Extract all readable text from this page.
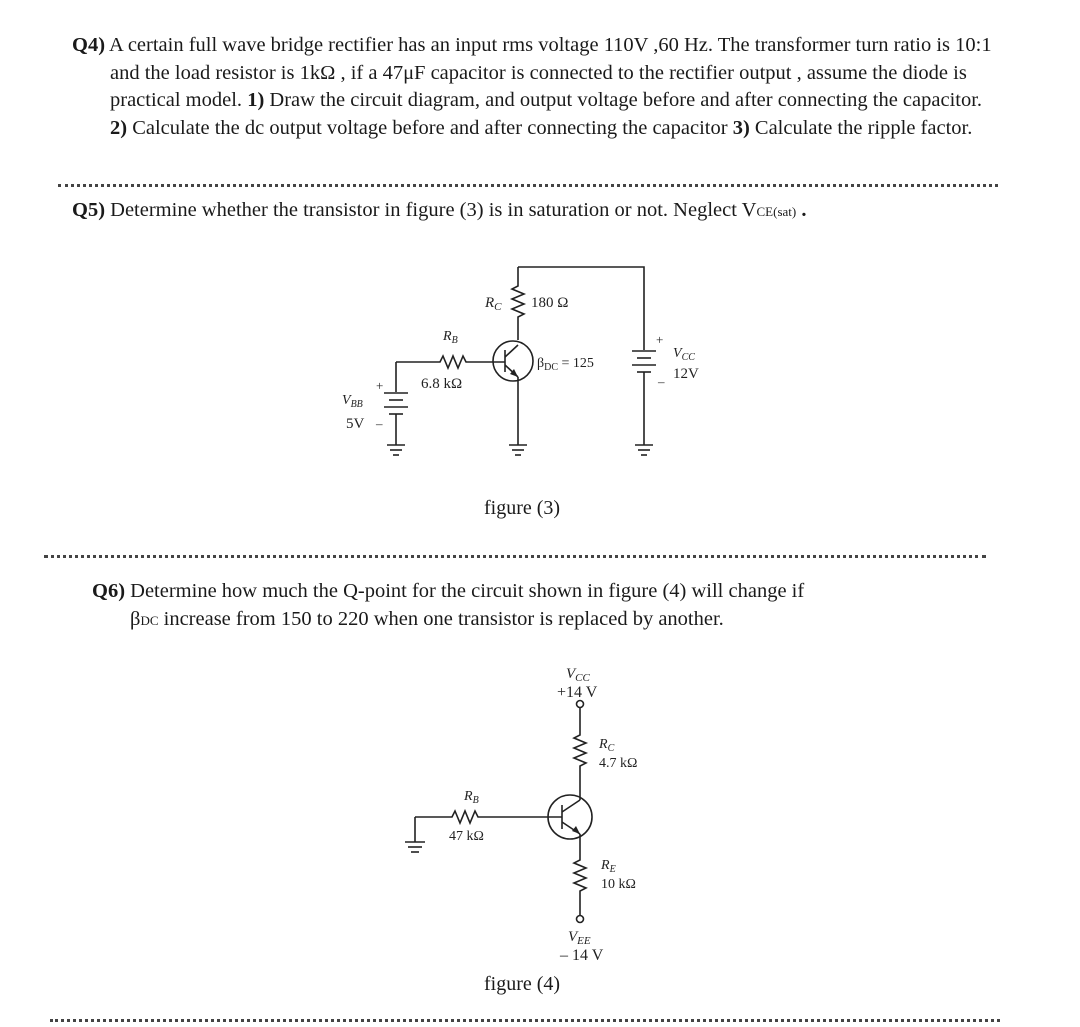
Q4) A certain full wave bridge rectifier has an input rms voltage 110V ,60 Hz. The transformer turn ratio is 10:1 and the load resistor is 1kΩ , if a 47μF capacitor is connected to the rectifier output , assume the diode is practical model. 1) Draw the circuit diagram, and output voltage before and after connecting the capacitor. 2) Calculate the dc output voltage before and after connecting the capacitor 3) Calculate the ripple factor.
Q5) Determine whether the transistor in figure (3) is in saturation or not. Neglect VCE(sat) .
$R_C$ 180 Ω
$R_B$
6.8 kΩ
$\beta_{DC} = 125$
$V_{BB}$
5V
+
–
$V_{CC}$
12V
+
–
figure (3)
Q6) Determine how much the Q-point for the circuit shown in figure (4) will change if
βDC increase from 150 to 220 when one transistor is replaced by another.
$V_{CC}$
+14 V
$R_C$
4.7 kΩ
$R_B$
47 kΩ
$R_E$
10 kΩ
$V_{EE}$
– 14 V
figure (4)
